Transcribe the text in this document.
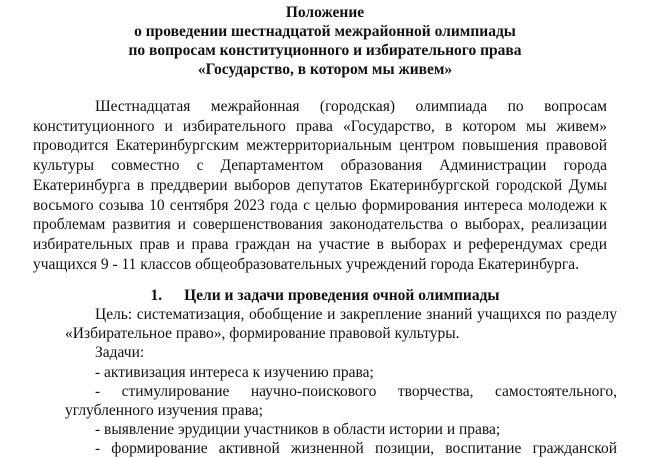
Положение
о проведении шестнадцатой межрайонной олимпиады
по вопросам конституционного и избирательного права
«Государство, в котором мы живем»
Шестнадцатая межрайонная (городская) олимпиада по вопросам
конституционного и избирательного права «Государство, в котором мы живем»
проводится Екатеринбургским межтерриториальным центром повышения правовой
культуры совместно с Департаментом образования Администрации города
Екатеринбурга в преддверии выборов депутатов Екатеринбургской городской Думы
восьмого созыва 10 сентября 2023 года с целью формирования интереса молодежи к
проблемам развития и совершенствования законодательства о выборах, реализации
избирательных прав и права граждан на участие в выборах и референдумах среди
учащихся 9 - 11 классов общеобразовательных учреждений города Екатеринбурга.
1. Цели и задачи проведения очной олимпиады
Цель: систематизация, обобщение и закрепление знаний учащихся по разделу
«Избирательное право», формирование правовой культуры.
Задачи:
- активизация интереса к изучению права;
- стимулирование научно-поискового творчества, самостоятельного,
углубленного изучения права;
- выявление эрудиции участников в области истории и права;
- формирование активной жизненной позиции, воспитание гражданской
